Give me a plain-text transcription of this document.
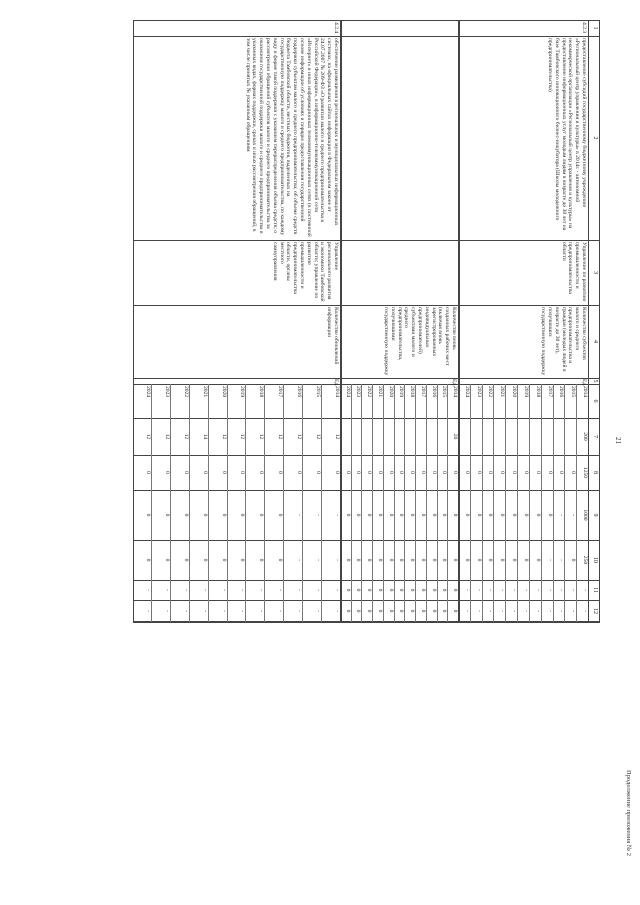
21
Продолжение приложения № 2
1
2
3
4
5
6
7
8
9
10
11
12
4.2.3
предоставление субсидий государственному бюджетному учреждению «Региональный центр управления и культуры» в 2014г. - автономной некоммерческой организации «Региональный центр управления и культуры» на предоставление информационных услуг молодым людям в возрасте до 30 лет на базе Тамбовского инновационного бизнес-инкубатора (Школы молодежного предпринимательства)
Управление по развитию промышленности и предпринимательства области
Количество субъектов малого и среднего предпринимательства и граждан (молодых людей в возрасте до 30 лет), получивших государственную поддержку
Ед.
2014
200
1250
1000
250
-
-
2015
0
-
0
-
-
2016
0
-
-
-
-
2017
0
0
-
-
-
2018
0
0
0
-
-
2019
0
0
0
-
-
2020
0
0
0
-
-
2021
0
0
0
-
-
2022
0
0
0
-
-
2023
0
0
0
-
-
2024
0
0
0
-
-
Количество вновь созданных рабочих мест (включая вновь зарегистрированных индивидуальных предпринимателей) субъектами малого и среднего предпринимательства, получившими государственную поддержку
Ед.
2014
20
0
0
0
0
0
2015
0
0
0
0
0
2016
0
0
0
0
0
2017
0
0
0
0
0
2018
0
0
0
0
0
2019
0
0
0
0
0
2020
0
0
0
0
0
2021
0
0
0
0
0
2022
0
0
0
0
0
2023
0
0
0
0
0
2024
0
0
0
0
0
4.2.4
обеспечение размещения в региональных и муниципальных информационных системах, на официальных сайтах информации в Федеральном законе от 24.07.2007 № 209-ФЗ «О развитии малого и среднего предпринимательства в Российской Федерации», в информационно-телекоммуникационной сети «Интернет» и иных информационных телекоммуникационных сетях (в постоянной основе информации об условиях и порядке предоставления государственной поддержки субъектам малого и среднего предпринимательства; об объеме средств бюджета Тамбовской области, местных бюджетов, выделенных на государственную поддержку малого и среднего предпринимательства, по каждому виду и форме такой поддержки с указанием перераспределения объема средств; о рассмотрении обращений субъектов малого и среднего предпринимательства за оказанием государственной поддержки малого и среднего предпринимательства в указанных видах, формах поддержки, сроках и иных рассмотрения обращений, в том числе принятых № указанным обращениям
Управление регионального развития и экономики Тамбовской области; управление по развитию промышленности и предпринимательства области, органы местного самоуправления
Количество обновлений информации
Ед.
2014
12
0
-
-
-
-
2015
12
0
-
-
-
-
2016
12
0
-
-
-
-
2017
12
0
0
0
-
-
2018
12
0
0
0
-
-
2019
12
0
0
0
-
-
2020
12
0
0
0
-
-
2021
14
0
0
0
-
-
2022
12
0
0
0
-
-
2023
12
0
0
0
-
-
2024
12
0
0
0
-
-
